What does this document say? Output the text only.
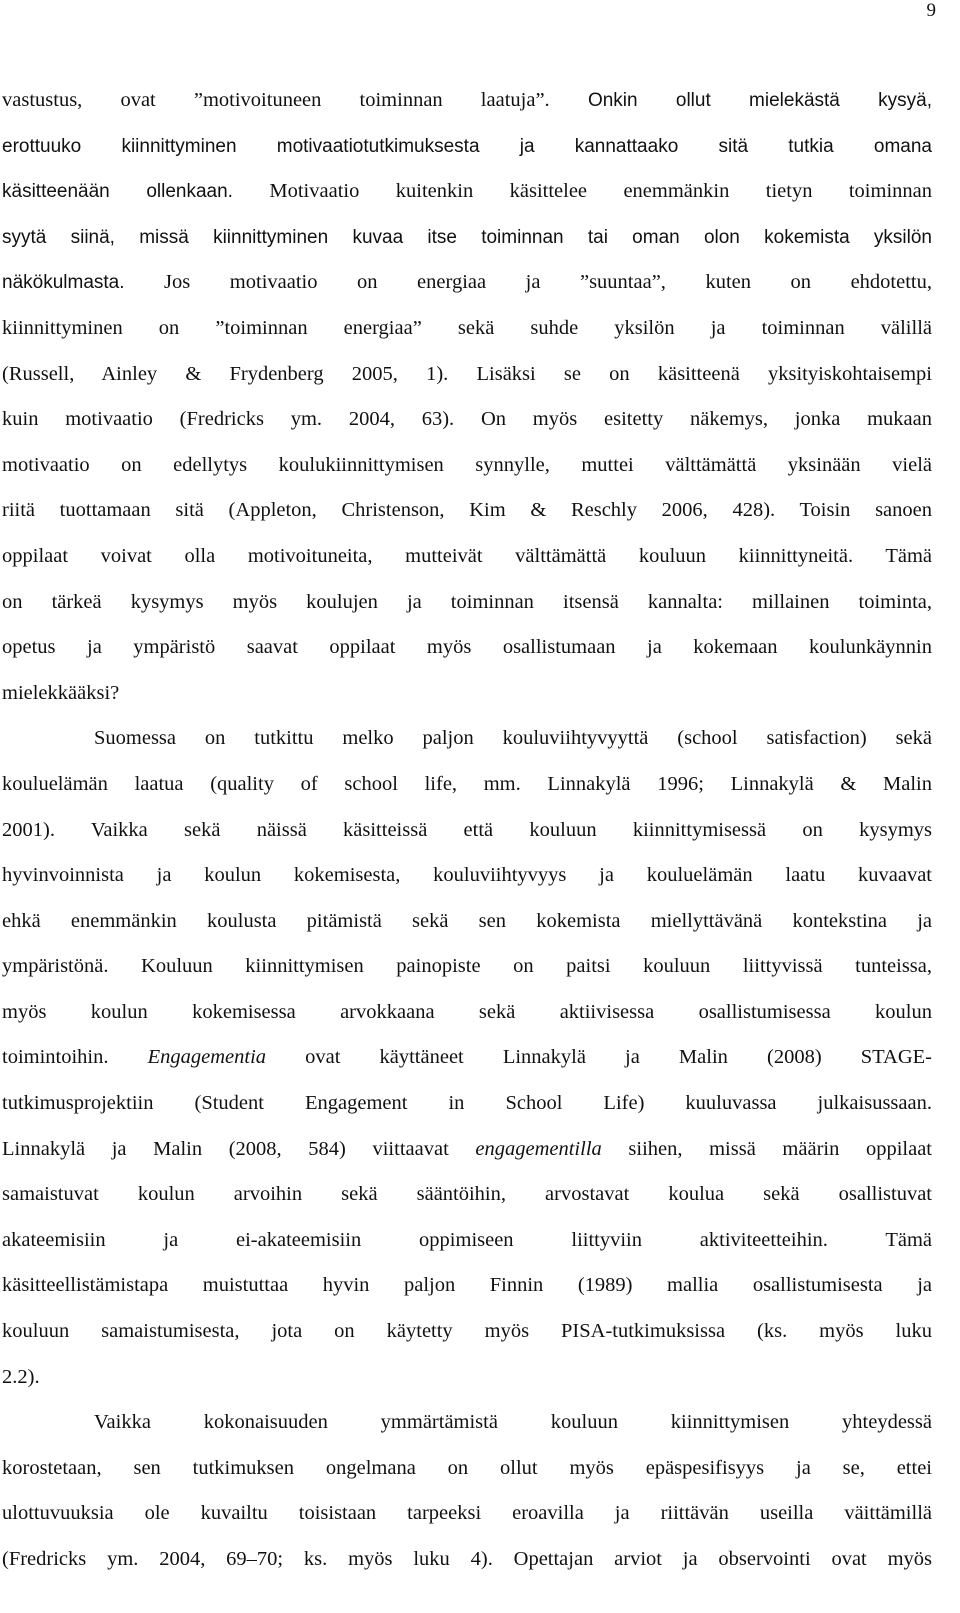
9
vastustus, ovat ”motivoituneen toiminnan laatuja”. Onkin ollut mielekästä kysyä,
erottuuko kiinnittyminen motivaatiotutkimuksesta ja kannattaako sitä tutkia omana
käsitteenään ollenkaan. Motivaatio kuitenkin käsittelee enemmänkin tietyn toiminnan
syytä siinä, missä kiinnittyminen kuvaa itse toiminnan tai oman olon kokemista yksilön
näkökulmasta. Jos motivaatio on energiaa ja ”suuntaa”, kuten on ehdotettu,
kiinnittyminen on ”toiminnan energiaa” sekä suhde yksilön ja toiminnan välillä
(Russell, Ainley & Frydenberg 2005, 1). Lisäksi se on käsitteenä yksityiskohtaisempi
kuin motivaatio (Fredricks ym. 2004, 63). On myös esitetty näkemys, jonka mukaan
motivaatio on edellytys koulukiinnittymisen synnylle, muttei välttämättä yksinään vielä
riitä tuottamaan sitä (Appleton, Christenson, Kim & Reschly 2006, 428). Toisin sanoen
oppilaat voivat olla motivoituneita, mutteivät välttämättä kouluun kiinnittyneitä. Tämä
on tärkeä kysymys myös koulujen ja toiminnan itsensä kannalta: millainen toiminta,
opetus ja ympäristö saavat oppilaat myös osallistumaan ja kokemaan koulunkäynnin
mielekkääksi?
Suomessa on tutkittu melko paljon kouluviihtyvyyttä (school satisfaction) sekä
kouluelämän laatua (quality of school life, mm. Linnakylä 1996; Linnakylä & Malin
2001). Vaikka sekä näissä käsitteissä että kouluun kiinnittymisessä on kysymys
hyvinvoinnista ja koulun kokemisesta, kouluviihtyvyys ja kouluelämän laatu kuvaavat
ehkä enemmänkin koulusta pitämistä sekä sen kokemista miellyttävänä kontekstina ja
ympäristönä. Kouluun kiinnittymisen painopiste on paitsi kouluun liittyvissä tunteissa,
myös koulun kokemisessa arvokkaana sekä aktiivisessa osallistumisessa koulun
toimintoihin. Engagementia ovat käyttäneet Linnakylä ja Malin (2008) STAGE-
tutkimusprojektiin (Student Engagement in School Life) kuuluvassa julkaisussaan.
Linnakylä ja Malin (2008, 584) viittaavat engagementilla siihen, missä määrin oppilaat
samaistuvat koulun arvoihin sekä sääntöihin, arvostavat koulua sekä osallistuvat
akateemisiin ja ei-akateemisiin oppimiseen liittyviin aktiviteetteihin. Tämä
käsitteellistämistapa muistuttaa hyvin paljon Finnin (1989) mallia osallistumisesta ja
kouluun samaistumisesta, jota on käytetty myös PISA-tutkimuksissa (ks. myös luku
2.2).
Vaikka kokonaisuuden ymmärtämistä kouluun kiinnittymisen yhteydessä
korostetaan, sen tutkimuksen ongelmana on ollut myös epäspesifisyys ja se, ettei
ulottuvuuksia ole kuvailtu toisistaan tarpeeksi eroavilla ja riittävän useilla väittämillä
(Fredricks ym. 2004, 69–70; ks. myös luku 4). Opettajan arviot ja observointi ovat myös
